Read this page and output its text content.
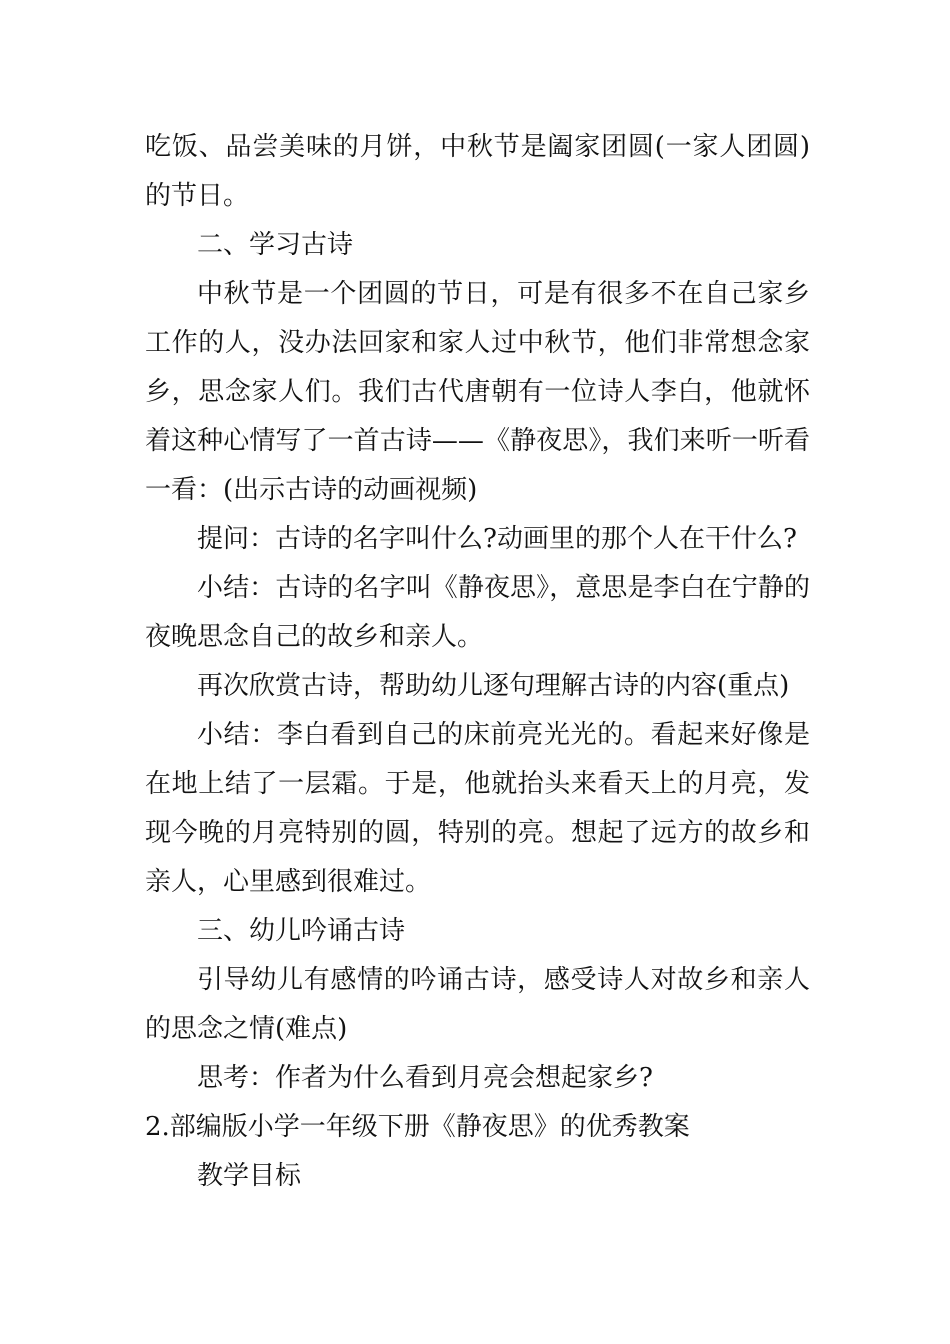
吃饭、品尝美味的月饼，中秋节是阖家团圆(一家人团圆)的节日。

二、学习古诗

中秋节是一个团圆的节日，可是有很多不在自己家乡工作的人，没办法回家和家人过中秋节，他们非常想念家乡，思念家人们。我们古代唐朝有一位诗人李白，他就怀着这种心情写了一首古诗——《静夜思》，我们来听一听看一看：(出示古诗的动画视频)

提问：古诗的名字叫什么?动画里的那个人在干什么?

小结：古诗的名字叫《静夜思》，意思是李白在宁静的夜晚思念自己的故乡和亲人。

再次欣赏古诗，帮助幼儿逐句理解古诗的内容(重点)

小结：李白看到自己的床前亮光光的。看起来好像是在地上结了一层霜。于是，他就抬头来看天上的月亮，发现今晚的月亮特别的圆，特别的亮。想起了远方的故乡和亲人，心里感到很难过。

三、幼儿吟诵古诗

引导幼儿有感情的吟诵古诗，感受诗人对故乡和亲人的思念之情(难点)

思考：作者为什么看到月亮会想起家乡?

2.部编版小学一年级下册《静夜思》的优秀教案

教学目标
